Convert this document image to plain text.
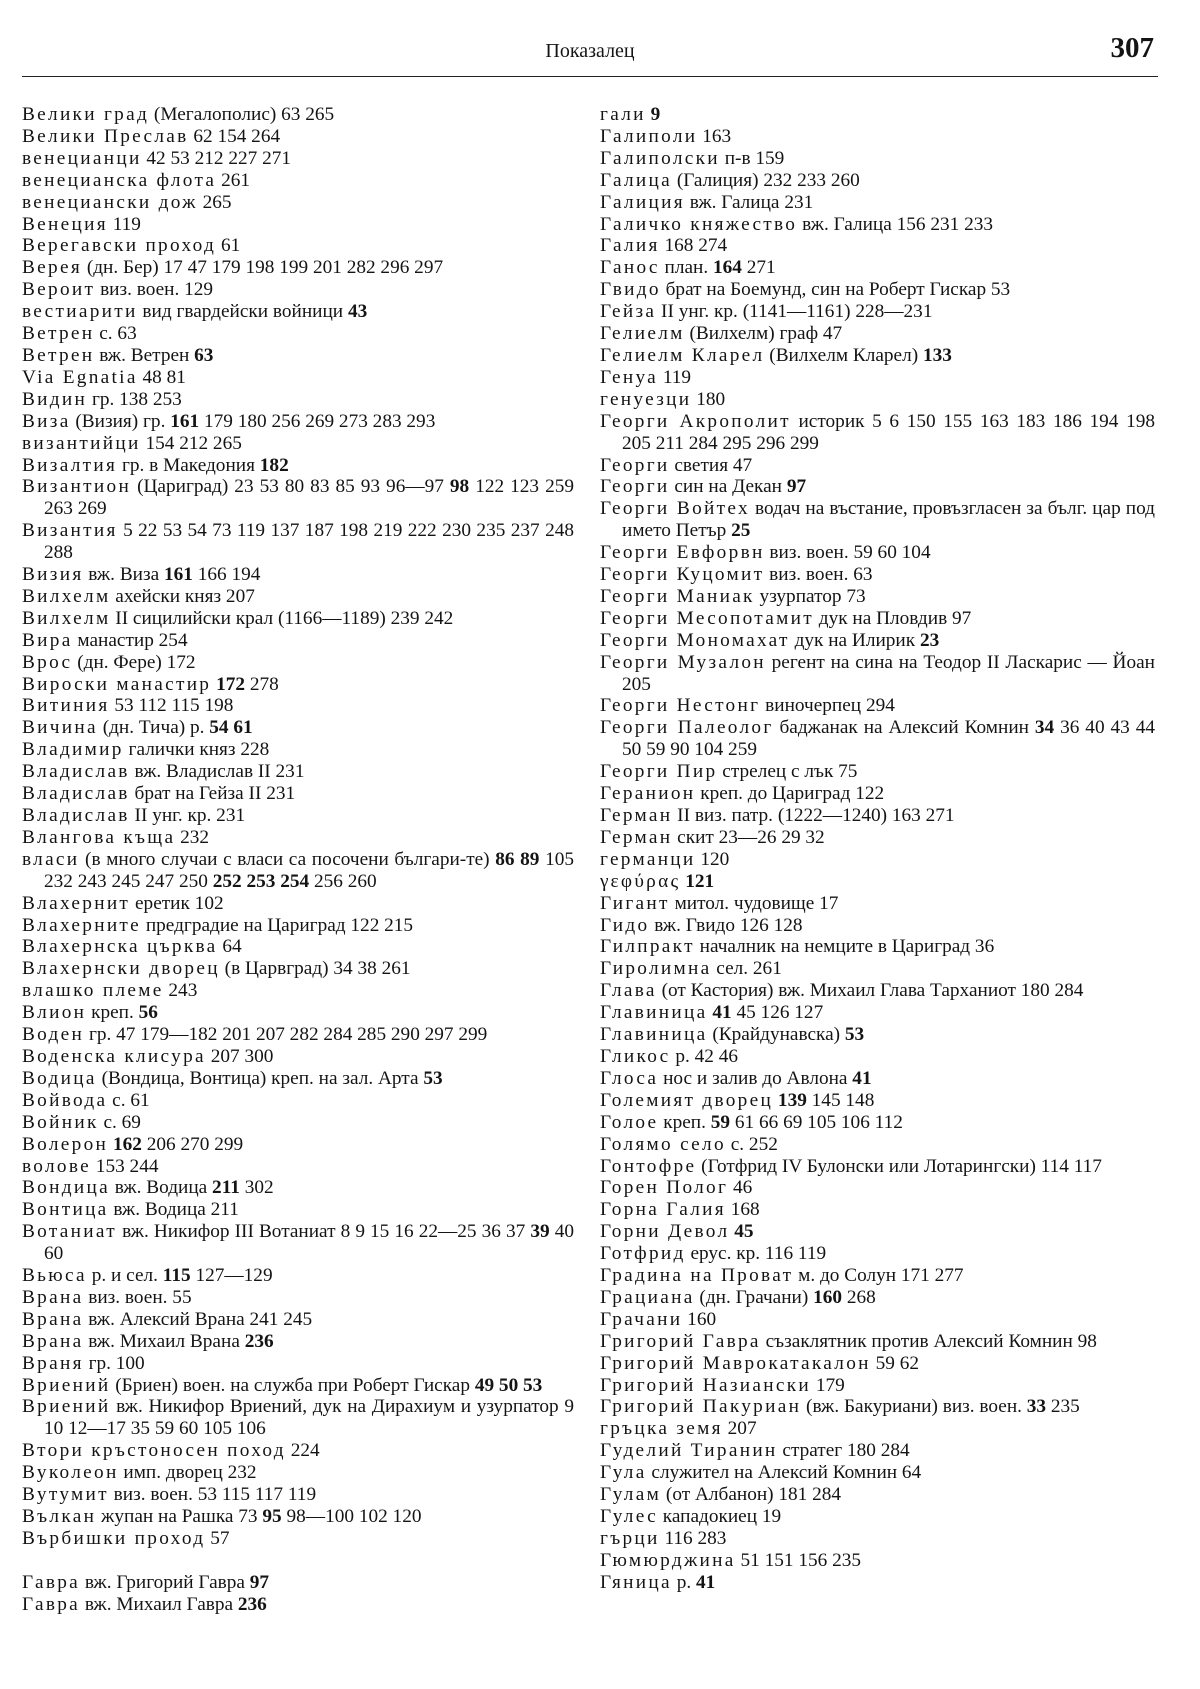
Показалец	307
Велики град (Мегалополис) 63 265
Велики Преслав 62 154 264
венецианци 42 53 212 227 271
венецианска флота 261
венециански дож 265
Венеция 119
Верегавски проход 61
Верея (дн. Бер) 17 47 179 198 199 201 282 296 297
Вероит виз. воен. 129
вестиарити вид гвардейски войници 43
Ветрен с. 63
Ветрен вж. Ветрен 63
Via Egnatia 48 81
Видин гр. 138 253
Виза (Визия) гр. 161 179 180 256 269 273 283 293
византийци 154 212 265
Визалтия гр. в Македония 182
Византион (Цариград) 23 53 80 83 85 93 96—97 98 122 123 259 263 269
Византия 5 22 53 54 73 119 137 187 198 219 222 230 235 237 248 288
Визия вж. Виза 161 166 194
Вилхелм ахейски княз 207
Вилхелм II сицилийски крал (1166—1189) 239 242
Вира манастир 254
Врос (дн. Фере) 172
Вироски манастир 172 278
Витиния 53 112 115 198
Вичина (дн. Тича) р. 54 61
Владимир галички княз 228
Владислав вж. Владислав II 231
Владислав брат на Гейза II 231
Владислав II унг. кр. 231
Влангова къща 232
власи (в много случаи с власи са посочени българи-те) 86 89 105 232 243 245 247 250 252 253 254 256 260
Влахернит еретик 102
Влахерните предградие на Цариград 122 215
Влахернска църква 64
Влахернски дворец (в Царвград) 34 38 261
влашко племе 243
Влион креп. 56
Воден гр. 47 179—182 201 207 282 284 285 290 297 299
Воденска клисура 207 300
Водица (Вондица, Вонтица) креп. на зал. Арта 53
Войвода с. 61
Войник с. 69
Волерон 162 206 270 299
волове 153 244
Вондица вж. Водица 211 302
Вонтица вж. Водица 211
Вотаниат вж. Никифор III Вотаниат 8 9 15 16 22—25 36 37 39 40 60
Вьюса р. и сел. 115 127—129
Врана виз. воен. 55
Врана вж. Алексий Врана 241 245
Врана вж. Михаил Врана 236
Враня гр. 100
Вриений (Бриен) воен. на служба при Роберт Гискар 49 50 53
Вриений вж. Никифор Вриений, дук на Дирахиум и узурпатор 9 10 12—17 35 59 60 105 106
Втори кръстоносен поход 224
Вуколеон имп. дворец 232
Вутумит виз. воен. 53 115 117 119
Вълкан жупан на Рашка 73 95 98—100 102 120
Върбишки проход 57
Гавра вж. Григорий Гавра 97
Гавра вж. Михаил Гавра 236
гали 9
Галиполи 163
Галиполски п-в 159
Галица (Галиция) 232 233 260
Галиция вж. Галица 231
Галичко княжество вж. Галица 156 231 233
Галия 168 274
Ганос план. 164 271
Гвидо брат на Боемунд, син на Роберт Гискар 53
Гейза II унг. кр. (1141—1161) 228—231
Гелиелм (Вилхелм) граф 47
Гелиелм Кларел (Вилхелм Кларел) 133
Генуа 119
генуезци 180
Георги Акрополит историк 5 6 150 155 163 183 186 194 198 205 211 284 295 296 299
Георги светия 47
Георги син на Декан 97
Георги Войтех водач на въстание, провъзгласен за бълг. цар под името Петър 25
Георги Евфорвн виз. воен. 59 60 104
Георги Куцомит виз. воен. 63
Георги Маниак узурпатор 73
Георги Месопотамит дук на Пловдив 97
Георги Мономахат дук на Илирик 23
Георги Музалон регент на сина на Теодор II Ласкарис — Йоан 205
Георги Нестонг виночерпец 294
Георги Палеолог баджанак на Алексий Комнин 34 36 40 43 44 50 59 90 104 259
Георги Пир стрелец с лък 75
Геранион креп. до Цариград 122
Герман II виз. патр. (1222—1240) 163 271
Герман скит 23—26 29 32
германци 120
γεφύρας 121
Гигант митол. чудовище 17
Гидо вж. Гвидо 126 128
Гилпракт началник на немците в Цариград 36
Гиролимна сел. 261
Глава (от Кастория) вж. Михаил Глава Тарханиот 180 284
Главиница 41 45 126 127
Главиница (Крайдунавска) 53
Гликос р. 42 46
Глоса нос и залив до Авлона 41
Големият дворец 139 145 148
Голое креп. 59 61 66 69 105 106 112
Голямо село с. 252
Гонтофре (Готфрид IV Булонски или Лотарингски) 114 117
Горен Полог 46
Горна Галия 168
Горни Девол 45
Готфрид ерус. кр. 116 119
Градина на Проват м. до Солун 171 277
Грациана (дн. Грачани) 160 268
Грачани 160
Григорий Гавра съзаклятник против Алексий Комнин 98
Григорий Маврокатакалон 59 62
Григорий Назиански 179
Григорий Пакуриан (вж. Бакуриани) виз. воен. 33 235
гръцка земя 207
Гуделий Тиранин стратег 180 284
Гула служител на Алексий Комнин 64
Гулам (от Албанон) 181 284
Гулес кападокиец 19
гърци 116 283
Гюмюрджина 51 151 156 235
Гяница р. 41
